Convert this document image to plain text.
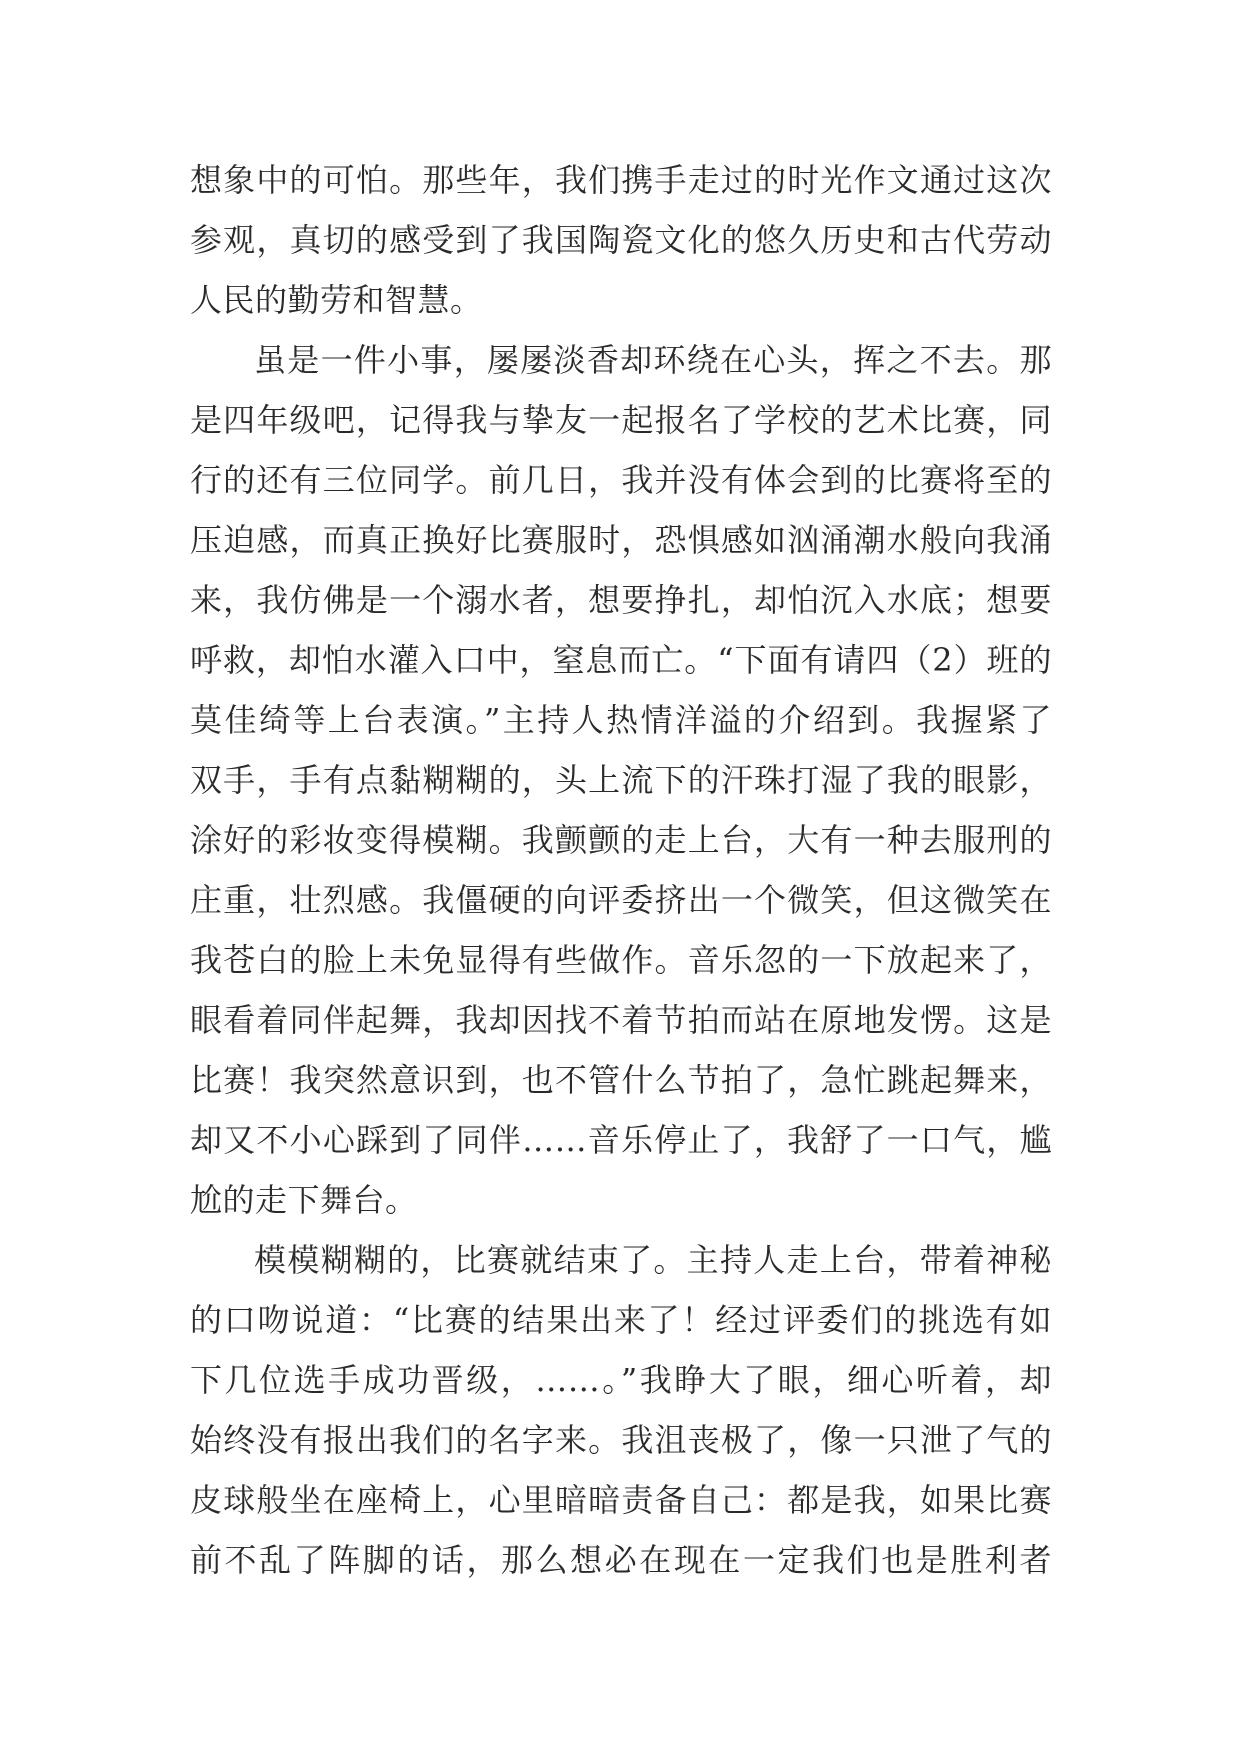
想象中的可怕。那些年，我们携手走过的时光作文通过这次
参观，真切的感受到了我国陶瓷文化的悠久历史和古代劳动
人民的勤劳和智慧。
虽是一件小事，屡屡淡香却环绕在心头，挥之不去。那
是四年级吧，记得我与挚友一起报名了学校的艺术比赛，同
行的还有三位同学。前几日，我并没有体会到的比赛将至的
压迫感，而真正换好比赛服时，恐惧感如汹涌潮水般向我涌
来，我仿佛是一个溺水者，想要挣扎，却怕沉入水底；想要
呼救，却怕水灌入口中，窒息而亡。“下面有请四（2）班的
莫佳绮等上台表演。”主持人热情洋溢的介绍到。我握紧了
双手，手有点黏糊糊的，头上流下的汗珠打湿了我的眼影，
涂好的彩妆变得模糊。我颤颤的走上台，大有一种去服刑的
庄重，壮烈感。我僵硬的向评委挤出一个微笑，但这微笑在
我苍白的脸上未免显得有些做作。音乐忽的一下放起来了，
眼看着同伴起舞，我却因找不着节拍而站在原地发愣。这是
比赛！我突然意识到，也不管什么节拍了，急忙跳起舞来，
却又不小心踩到了同伴……音乐停止了，我舒了一口气，尴
尬的走下舞台。
模模糊糊的，比赛就结束了。主持人走上台，带着神秘
的口吻说道：“比赛的结果出来了！经过评委们的挑选有如
下几位选手成功晋级，……。”我睁大了眼，细心听着，却
始终没有报出我们的名字来。我沮丧极了，像一只泄了气的
皮球般坐在座椅上，心里暗暗责备自己：都是我，如果比赛
前不乱了阵脚的话，那么想必在现在一定我们也是胜利者
